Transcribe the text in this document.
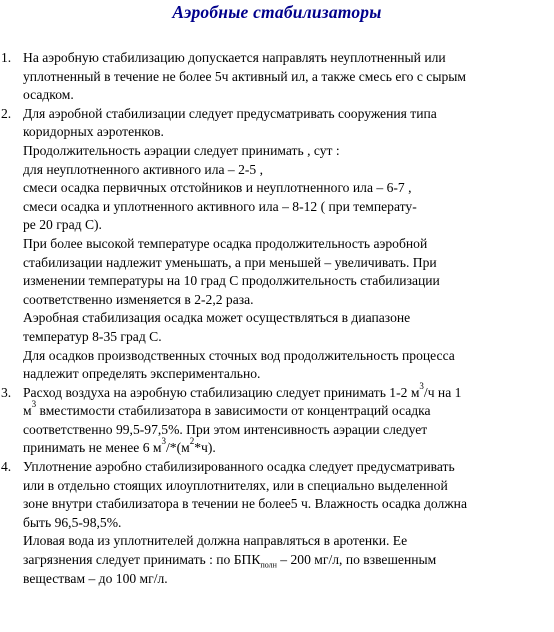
Аэробные стабилизаторы
1. На аэробную стабилизацию допускается направлять неуплотненный или
уплотненный в течение не более 5ч активный ил, а также смесь его с сырым
осадком.
2. Для аэробной стабилизации следует предусматривать сооружения типа
коридорных аэротенков.
Продолжительность аэрации следует принимать , сут :
для неуплотненного активного ила – 2-5 ,
смеси осадка первичных отстойников и неуплотненного ила – 6-7 ,
смеси осадка и уплотненного активного ила – 8-12 ( при температу-
ре 20 град С).
При более высокой температуре осадка продолжительность аэробной
стабилизации надлежит уменьшать, а при меньшей – увеличивать. При
изменении температуры на 10 град С продолжительность стабилизации
соответственно изменяется в 2-2,2 раза.
Аэробная стабилизация осадка может осуществляться в диапазоне
температур 8-35 град С.
Для осадков производственных сточных вод продолжительность процесса
надлежит определять экспериментально.
3. Расход воздуха на аэробную стабилизацию следует принимать 1-2 $м^3/ч$ на 1
$м^3$ вместимости стабилизатора в зависимости от концентраций осадка
соответственно 99,5-97,5%. При этом интенсивность аэрации следует
принимать не менее 6 $м^3/*(м^2*ч)$.
4. Уплотнение аэробно стабилизированного осадка следует предусматривать
или в отдельно стоящих илоуплотнителях, или в специально выделенной
зоне внутри стабилизатора в течении не более5 ч. Влажность осадка должна
быть 96,5-98,5%.
Иловая вода из уплотнителей должна направляться в аротенки. Ее
загрязнения следует принимать : по $БПК_{полн} - 200$ мг/л, по взвешенным
веществам – до 100 мг/л.
